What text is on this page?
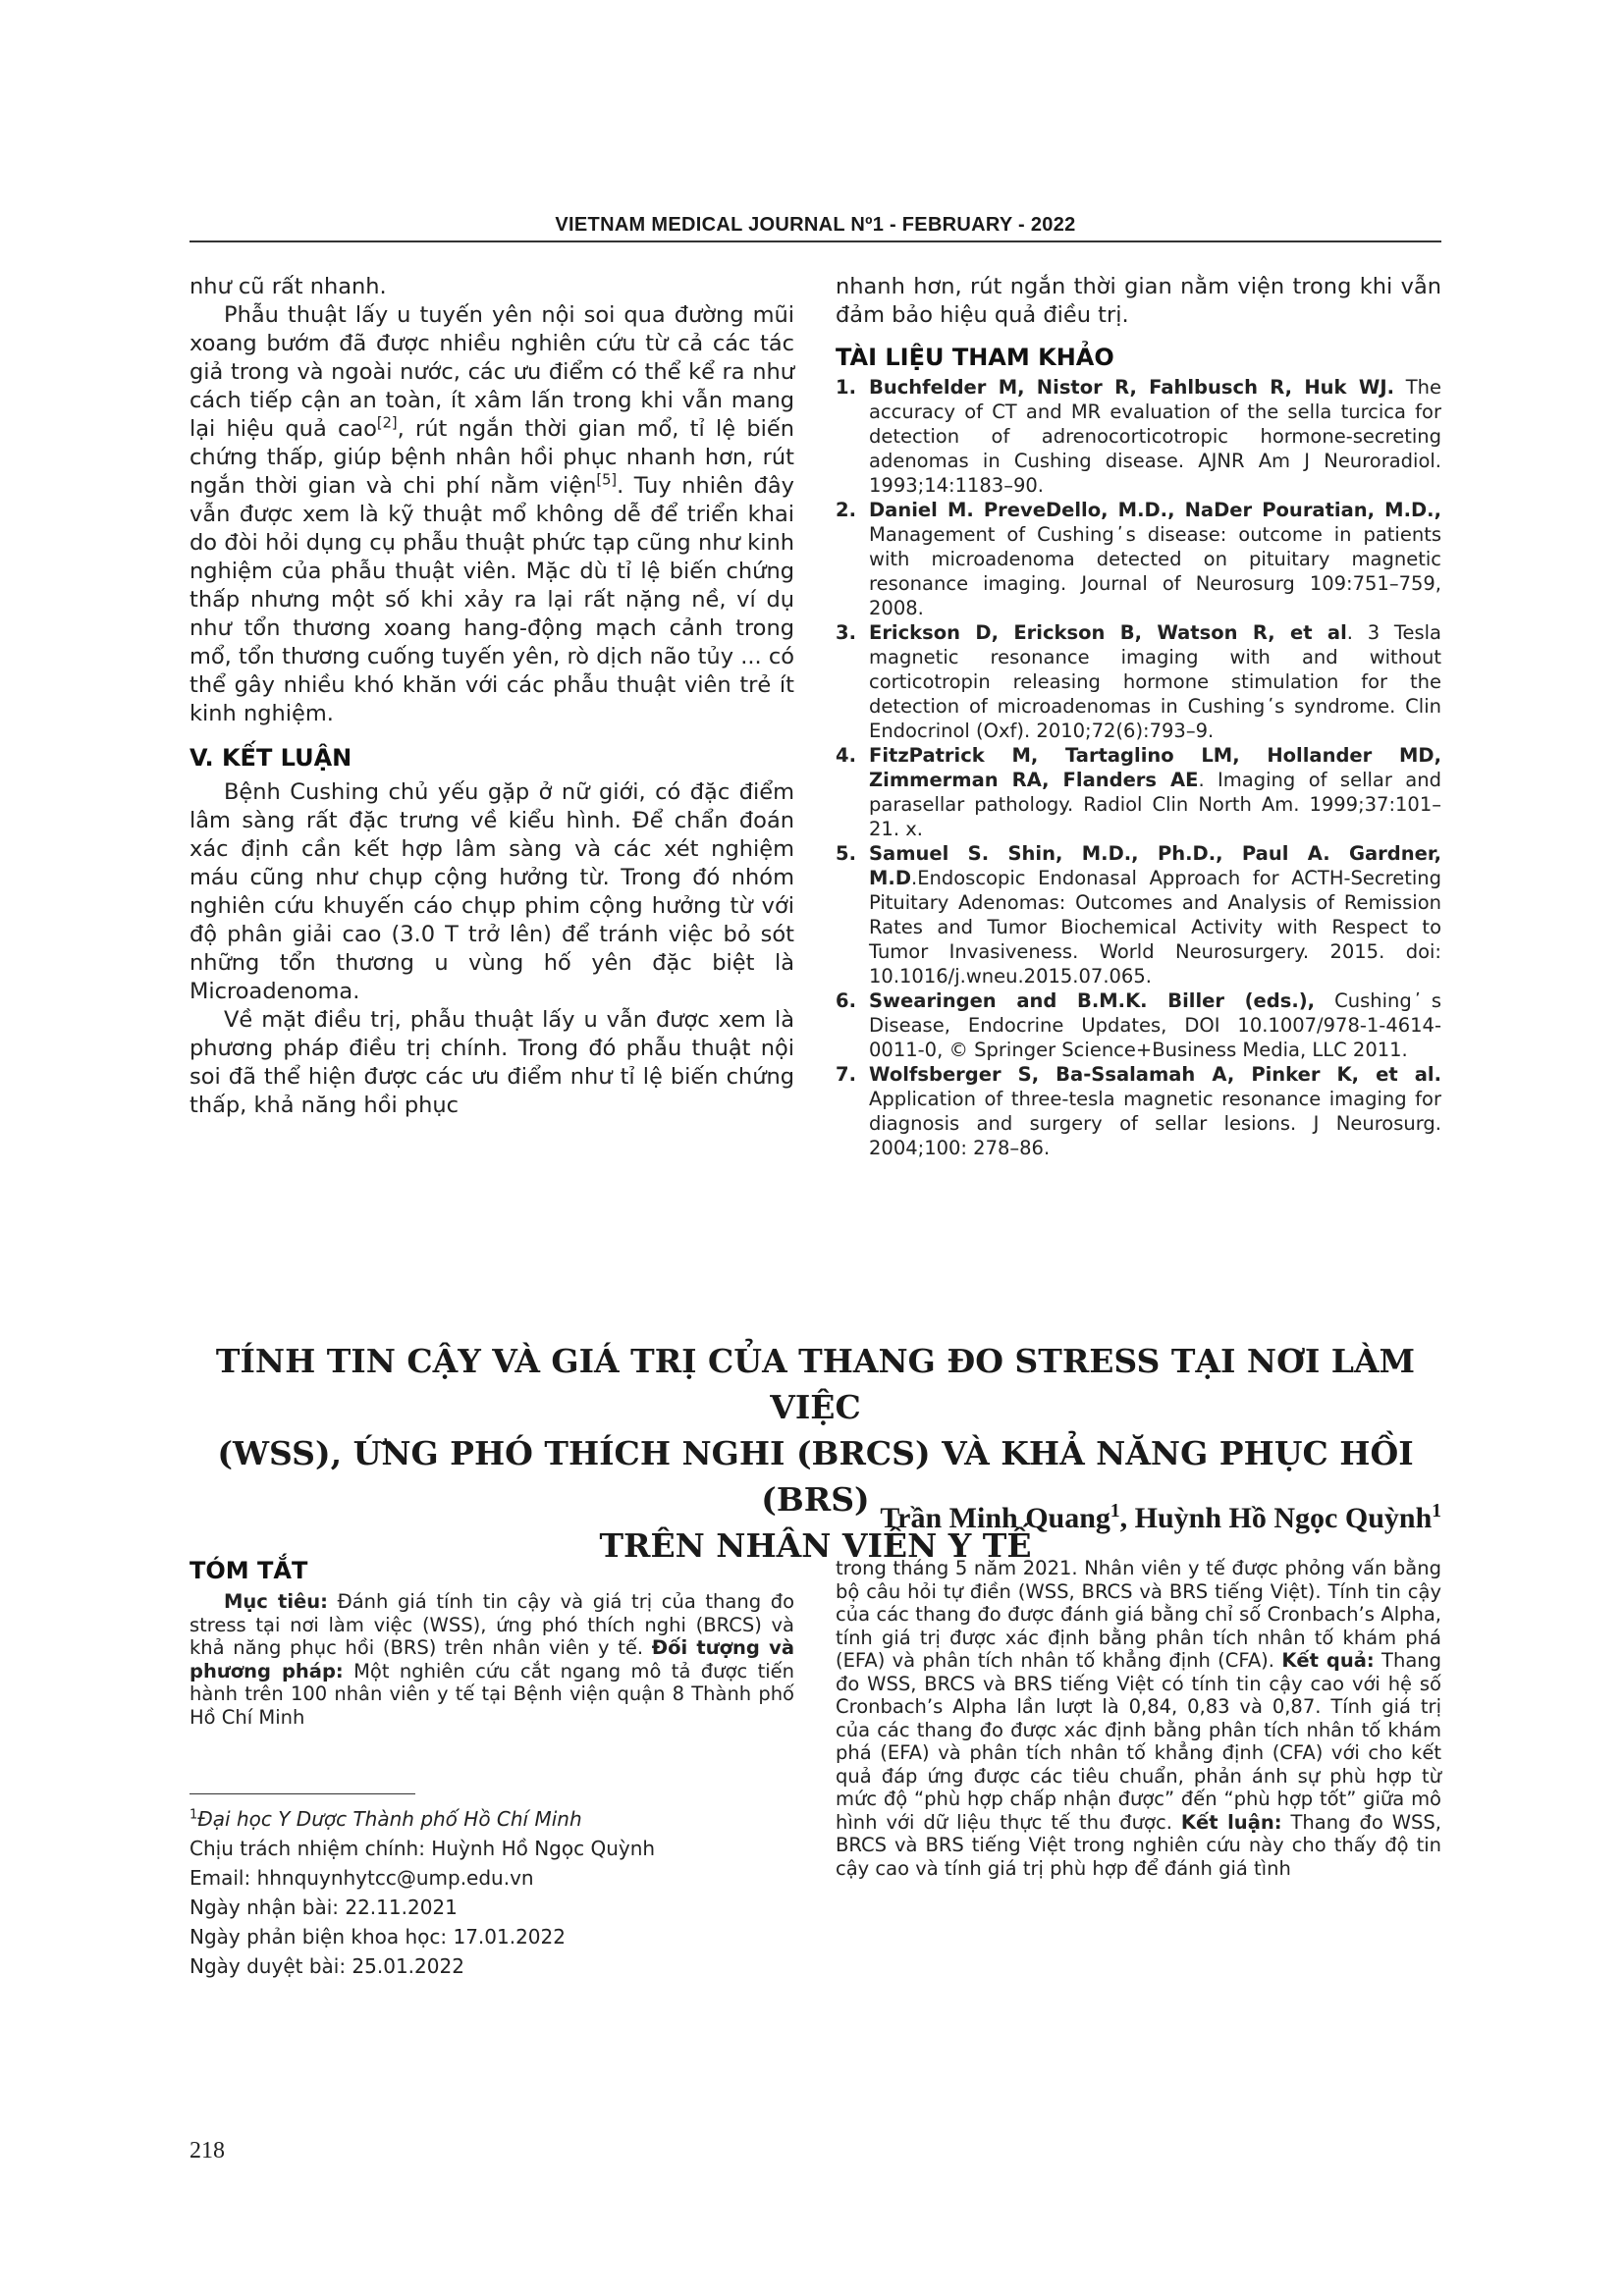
VIETNAM MEDICAL JOURNAL Nº1 - FEBRUARY - 2022

như cũ rất nhanh.

Phẫu thuật lấy u tuyến yên nội soi qua đường mũi xoang bướm đã được nhiều nghiên cứu từ cả các tác giả trong và ngoài nước, các ưu điểm có thể kể ra như cách tiếp cận an toàn, ít xâm lấn trong khi vẫn mang lại hiệu quả cao[2], rút ngắn thời gian mổ, tỉ lệ biến chứng thấp, giúp bệnh nhân hồi phục nhanh hơn, rút ngắn thời gian và chi phí nằm viện[5]. Tuy nhiên đây vẫn được xem là kỹ thuật mổ không dễ để triển khai do đòi hỏi dụng cụ phẫu thuật phức tạp cũng như kinh nghiệm của phẫu thuật viên. Mặc dù tỉ lệ biến chứng thấp nhưng một số khi xảy ra lại rất nặng nề, ví dụ như tổn thương xoang hang-động mạch cảnh trong mổ, tổn thương cuống tuyến yên, rò dịch não tủy ... có thể gây nhiều khó khăn với các phẫu thuật viên trẻ ít kinh nghiệm.

V. KẾT LUẬN

Bệnh Cushing chủ yếu gặp ở nữ giới, có đặc điểm lâm sàng rất đặc trưng về kiểu hình. Để chẩn đoán xác định cần kết hợp lâm sàng và các xét nghiệm máu cũng như chụp cộng hưởng từ. Trong đó nhóm nghiên cứu khuyến cáo chụp phim cộng hưởng từ với độ phân giải cao (3.0 T trở lên) để tránh việc bỏ sót những tổn thương u vùng hố yên đặc biệt là Microadenoma.

Về mặt điều trị, phẫu thuật lấy u vẫn được xem là phương pháp điều trị chính. Trong đó phẫu thuật nội soi đã thể hiện được các ưu điểm như tỉ lệ biến chứng thấp, khả năng hồi phục

nhanh hơn, rút ngắn thời gian nằm viện trong khi vẫn đảm bảo hiệu quả điều trị.

TÀI LIỆU THAM KHẢO
1. Buchfelder M, Nistor R, Fahlbusch R, Huk WJ. The accuracy of CT and MR evaluation of the sella turcica for detection of adrenocorticotropic hormone-secreting adenomas in Cushing disease. AJNR Am J Neuroradiol. 1993;14:1183–90.
2. Daniel M. PreveDello, M.D., NaDer Pouratian, M.D., Management of Cushing ̕s disease: outcome in patients with microadenoma detected on pituitary magnetic resonance imaging. Journal of Neurosurg 109:751–759, 2008.
3. Erickson D, Erickson B, Watson R, et al. 3 Tesla magnetic resonance imaging with and without corticotropin releasing hormone stimulation for the detection of microadenomas in Cushing ̕s syndrome. Clin Endocrinol (Oxf). 2010;72(6):793–9.
4. FitzPatrick M, Tartaglino LM, Hollander MD, Zimmerman RA, Flanders AE. Imaging of sellar and parasellar pathology. Radiol Clin North Am. 1999;37:101–21. x.
5. Samuel S. Shin, M.D., Ph.D., Paul A. Gardner, M.D.Endoscopic Endonasal Approach for ACTH-Secreting Pituitary Adenomas: Outcomes and Analysis of Remission Rates and Tumor Biochemical Activity with Respect to Tumor Invasiveness. World Neurosurgery. 2015. doi: 10.1016/j.wneu.2015.07.065.
6. Swearingen and B.M.K. Biller (eds.), Cushing ̕s Disease, Endocrine Updates, DOI 10.1007/978-1-4614-0011-0, © Springer Science+Business Media, LLC 2011.
7. Wolfsberger S, Ba-Ssalamah A, Pinker K, et al. Application of three-tesla magnetic resonance imaging for diagnosis and surgery of sellar lesions. J Neurosurg. 2004;100: 278–86.
TÍNH TIN CẬY VÀ GIÁ TRỊ CỦA THANG ĐO STRESS TẠI NƠI LÀM VIỆC
(WSS), ỨNG PHÓ THÍCH NGHI (BRCS) VÀ KHẢ NĂNG PHỤC HỒI (BRS)
TRÊN NHÂN VIÊN Y TẾ
Trần Minh Quang$^1$, Huỳnh Hồ Ngọc Quỳnh$^1$
TÓM TẮT

Mục tiêu: Đánh giá tính tin cậy và giá trị của thang đo stress tại nơi làm việc (WSS), ứng phó thích nghi (BRCS) và khả năng phục hồi (BRS) trên nhân viên y tế. Đối tượng và phương pháp: Một nghiên cứu cắt ngang mô tả được tiến hành trên 100 nhân viên y tế tại Bệnh viện quận 8 Thành phố Hồ Chí Minh

$^1$Đại học Y Dược Thành phố Hồ Chí Minh

Chịu trách nhiệm chính: Huỳnh Hồ Ngọc Quỳnh

Email: hhnquynhytcc@ump.edu.vn

Ngày nhận bài: 22.11.2021

Ngày phản biện khoa học: 17.01.2022

Ngày duyệt bài: 25.01.2022

trong tháng 5 năm 2021. Nhân viên y tế được phỏng vấn bằng bộ câu hỏi tự điền (WSS, BRCS và BRS tiếng Việt). Tính tin cậy của các thang đo được đánh giá bằng chỉ số Cronbach’s Alpha, tính giá trị được xác định bằng phân tích nhân tố khám phá (EFA) và phân tích nhân tố khẳng định (CFA). Kết quả: Thang đo WSS, BRCS và BRS tiếng Việt có tính tin cậy cao với hệ số Cronbach’s Alpha lần lượt là 0,84, 0,83 và 0,87. Tính giá trị của các thang đo được xác định bằng phân tích nhân tố khám phá (EFA) và phân tích nhân tố khẳng định (CFA) với cho kết quả đáp ứng được các tiêu chuẩn, phản ánh sự phù hợp từ mức độ “phù hợp chấp nhận được” đến “phù hợp tốt” giữa mô hình với dữ liệu thực tế thu được. Kết luận: Thang đo WSS, BRCS và BRS tiếng Việt trong nghiên cứu này cho thấy độ tin cậy cao và tính giá trị phù hợp để đánh giá tình

218
